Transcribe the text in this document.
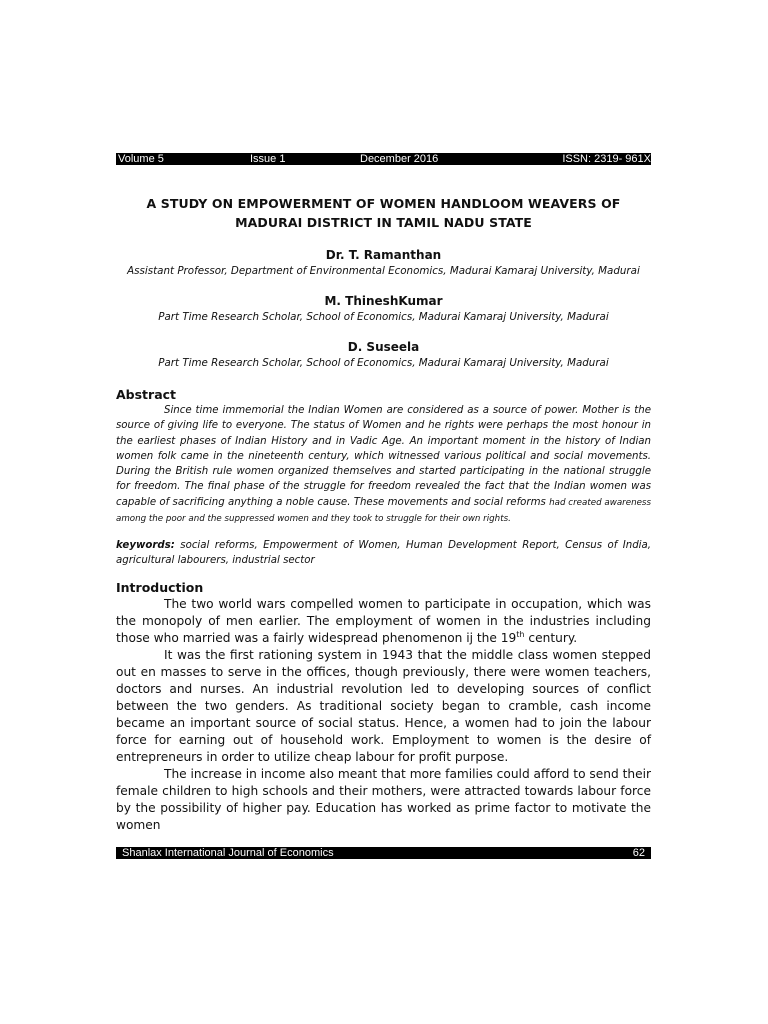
Volume 5	Issue 1	December 2016	ISSN: 2319- 961X
A STUDY ON EMPOWERMENT OF WOMEN HANDLOOM WEAVERS OF
MADURAI DISTRICT IN TAMIL NADU STATE
Dr. T. Ramanthan
Assistant Professor, Department of Environmental Economics, Madurai Kamaraj University, Madurai
M. ThineshKumar
Part Time Research Scholar, School of Economics, Madurai Kamaraj University, Madurai
D. Suseela
Part Time Research Scholar, School of Economics, Madurai Kamaraj University, Madurai
Abstract

Since time immemorial the Indian Women are considered as a source of power. Mother is the source of giving life to everyone. The status of Women and he rights were perhaps the most honour in the earliest phases of Indian History and in Vadic Age. An important moment in the history of Indian women folk came in the nineteenth century, which witnessed various political and social movements. During the British rule women organized themselves and started participating in the national struggle for freedom. The final phase of the struggle for freedom revealed the fact that the Indian women was capable of sacrificing anything a noble cause. These movements and social reforms had created awareness among the poor and the suppressed women and they took to struggle for their own rights.

keywords: social reforms, Empowerment of Women, Human Development Report, Census of India, agricultural labourers, industrial sector

Introduction

The two world wars compelled women to participate in occupation, which was the monopoly of men earlier. The employment of women in the industries including those who married was a fairly widespread phenomenon ij the 19th century.

It was the first rationing system in 1943 that the middle class women stepped out en masses to serve in the offices, though previously, there were women teachers, doctors and nurses. An industrial revolution led to developing sources of conflict between the two genders. As traditional society began to cramble, cash income became an important source of social status. Hence, a women had to join the labour force for earning out of household work. Employment to women is the desire of entrepreneurs in order to utilize cheap labour for profit purpose.

The increase in income also meant that more families could afford to send their female children to high schools and their mothers, were attracted towards labour force by the possibility of higher pay. Education has worked as prime factor to motivate the women

Shanlax International Journal of Economics	62
